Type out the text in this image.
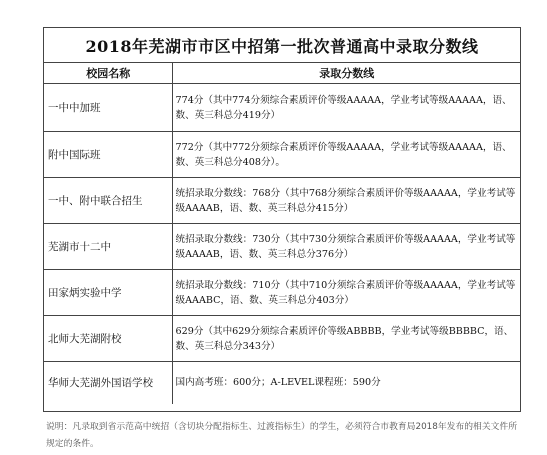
2018年芜湖市市区中招第一批次普通高中录取分数线
校园名称	录取分数线
一中中加班	774分（其中774分须综合素质评价等级AAAAA，学业考试等级AAAAA，语、数、英三科总分419分）
附中国际班	772分（其中772分须综合素质评价等级AAAAA，学业考试等级AAAAA，语、数、英三科总分408分）。
一中、附中联合招生	统招录取分数线：768分（其中768分须综合素质评价等级AAAAA，学业考试等级AAAAB，语、数、英三科总分415分）
芜湖市十二中	统招录取分数线：730分（其中730分须综合素质评价等级AAAAA，学业考试等级AAAAB，语、数、英三科总分376分）
田家炳实验中学	统招录取分数线：710分（其中710分须综合素质评价等级AAAAA，学业考试等级AAABC，语、数、英三科总分403分）
北师大芜湖附校	629分（其中629分须综合素质评价等级ABBBB，学业考试等级BBBBC，语、数、英三科总分343分）
华师大芜湖外国语学校	国内高考班：600分；A-LEVEL课程班：590分
说明：凡录取到省示范高中统招（含切块分配指标生、过渡指标生）的学生，必须符合市教育局2018年发布的相关文件所规定的条件。
